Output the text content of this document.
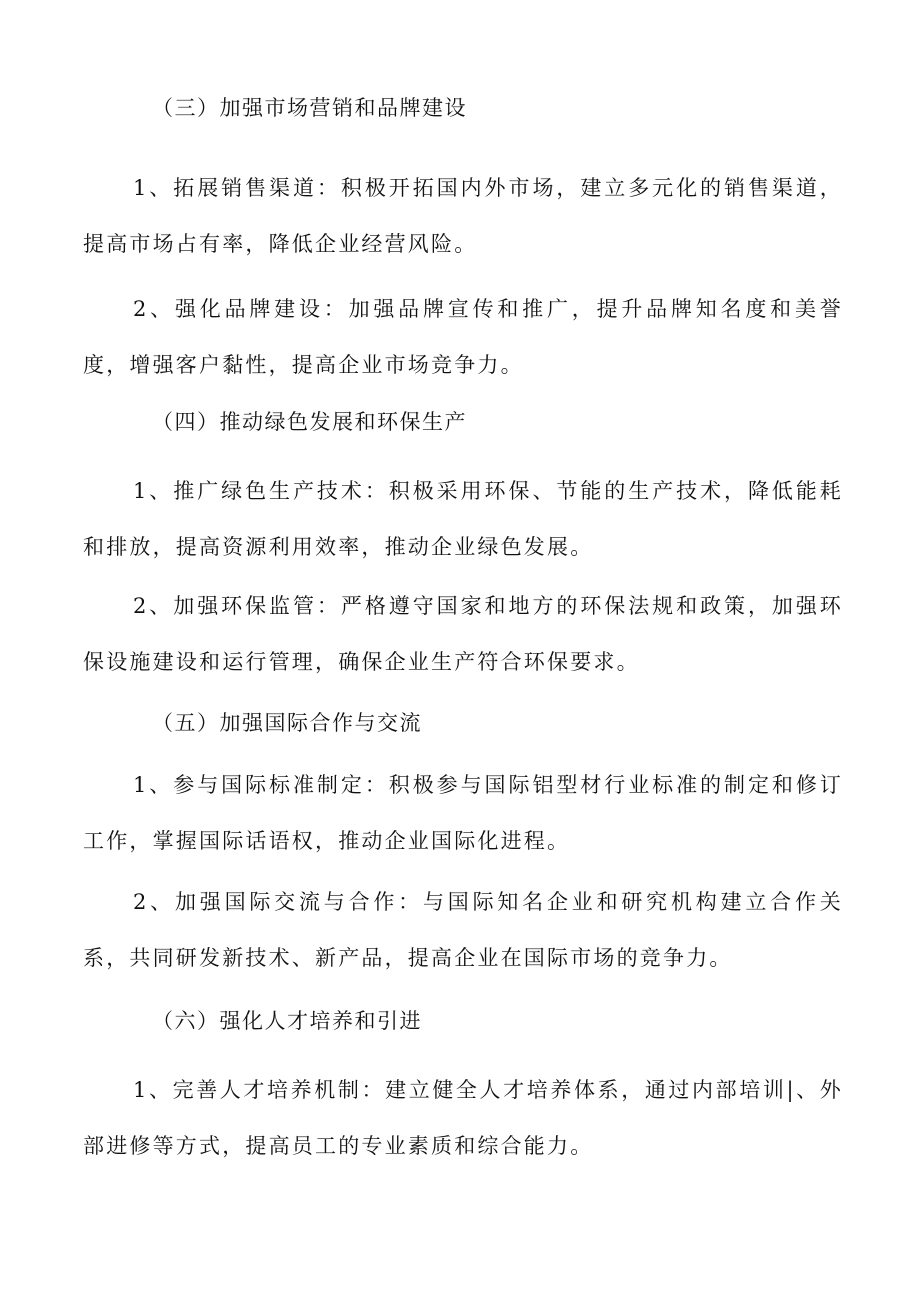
（三）加强市场营销和品牌建设
1、拓展销售渠道：积极开拓国内外市场，建立多元化的销售渠道，提高市场占有率，降低企业经营风险。
2、强化品牌建设：加强品牌宣传和推广，提升品牌知名度和美誉度，增强客户黏性，提高企业市场竞争力。
（四）推动绿色发展和环保生产
1、推广绿色生产技术：积极采用环保、节能的生产技术，降低能耗和排放，提高资源利用效率，推动企业绿色发展。
2、加强环保监管：严格遵守国家和地方的环保法规和政策，加强环保设施建设和运行管理，确保企业生产符合环保要求。
（五）加强国际合作与交流
1、参与国际标准制定：积极参与国际铝型材行业标准的制定和修订工作，掌握国际话语权，推动企业国际化进程。
2、加强国际交流与合作：与国际知名企业和研究机构建立合作关系，共同研发新技术、新产品，提高企业在国际市场的竞争力。
（六）强化人才培养和引进
1、完善人才培养机制：建立健全人才培养体系，通过内部培训|、外部进修等方式，提高员工的专业素质和综合能力。
